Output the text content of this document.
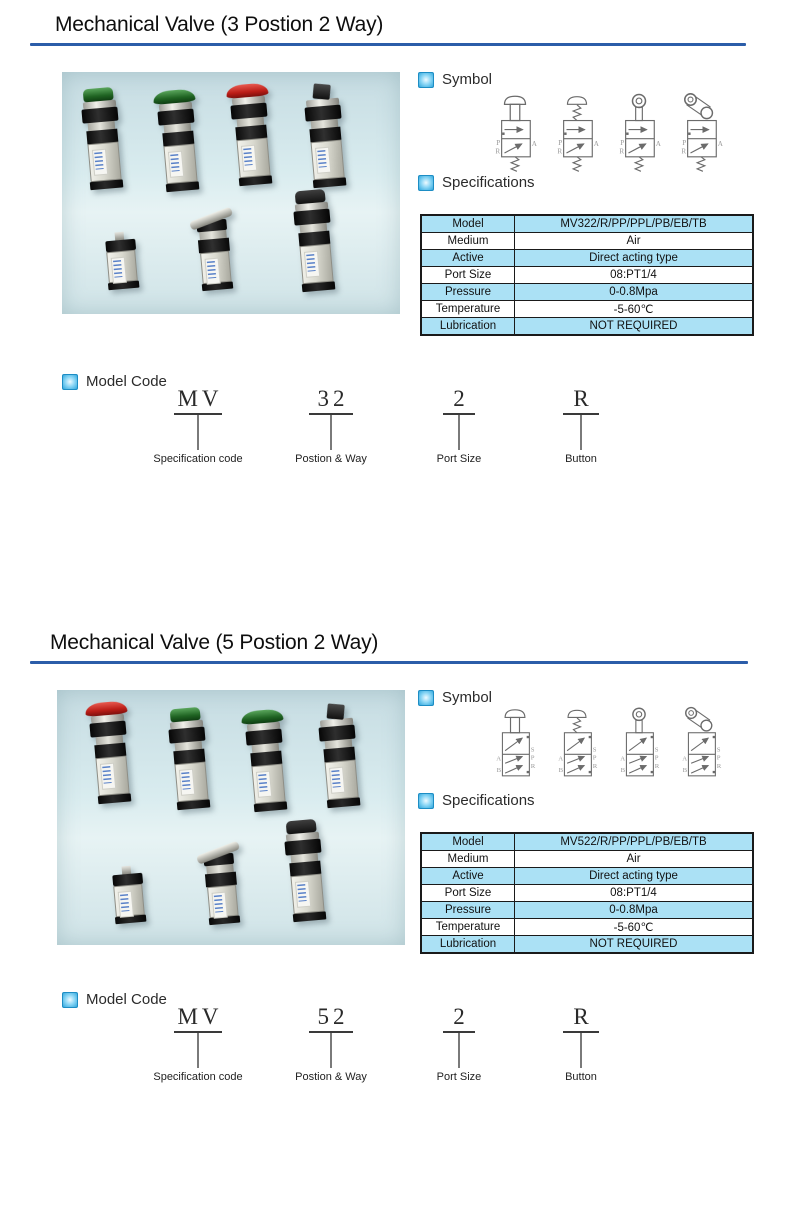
Mechanical Valve (3 Postion 2 Way)
Symbol
Specifications
Model	MV322/R/PP/PPL/PB/EB/TB
Medium	Air
Active	Direct acting type
Port Size	08:PT1/4
Pressure	0-0.8Mpa
Temperature	-5-60℃
Lubrication	NOT REQUIRED
Model Code
MV
Specification code
32
Postion & Way
2
Port Size
R
Button
Mechanical Valve (5 Postion 2 Way)
Symbol
Specifications
Model	MV522/R/PP/PPL/PB/EB/TB
Medium	Air
Active	Direct acting type
Port Size	08:PT1/4
Pressure	0-0.8Mpa
Temperature	-5-60℃
Lubrication	NOT REQUIRED
Model Code
MV
Specification code
52
Postion & Way
2
Port Size
R
Button
